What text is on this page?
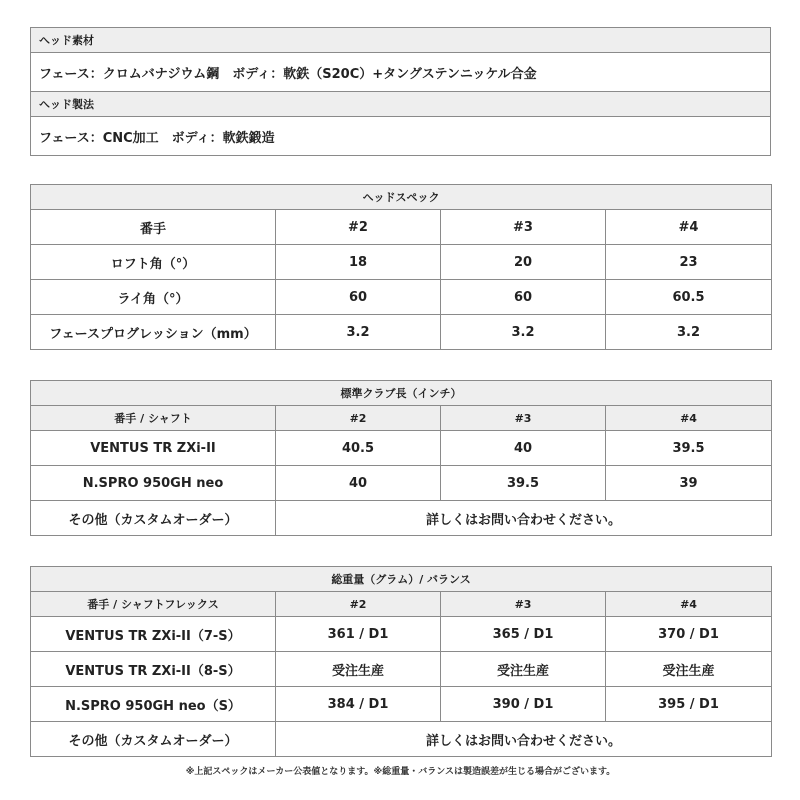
ヘッド素材
フェース：クロムバナジウム鋼　ボディ：軟鉄（S20C）+タングステンニッケル合金
ヘッド製法
フェース：CNC加工　ボディ：軟鉄鍛造
ヘッドスペック			
番手	#2	#3	#4
ロフト角（°）	18	20	23
ライ角（°）	60	60	60.5
フェースプログレッション（mm）	3.2	3.2	3.2
標準クラブ長（インチ）			
番手 / シャフト	#2	#3	#4
VENTUS TR ZXi-II	40.5	40	39.5
N.SPRO 950GH neo	40	39.5	39
その他（カスタムオーダー）	詳しくはお問い合わせください。		
総重量（グラム）/ バランス			
番手 / シャフトフレックス	#2	#3	#4
VENTUS TR ZXi-II（7-S）	361 / D1	365 / D1	370 / D1
VENTUS TR ZXi-II（8-S）	受注生産	受注生産	受注生産
N.SPRO 950GH neo（S）	384 / D1	390 / D1	395 / D1
その他（カスタムオーダー）	詳しくはお問い合わせください。		
※上記スペックはメーカー公表値となります。※総重量・バランスは製造誤差が生じる場合がございます。
